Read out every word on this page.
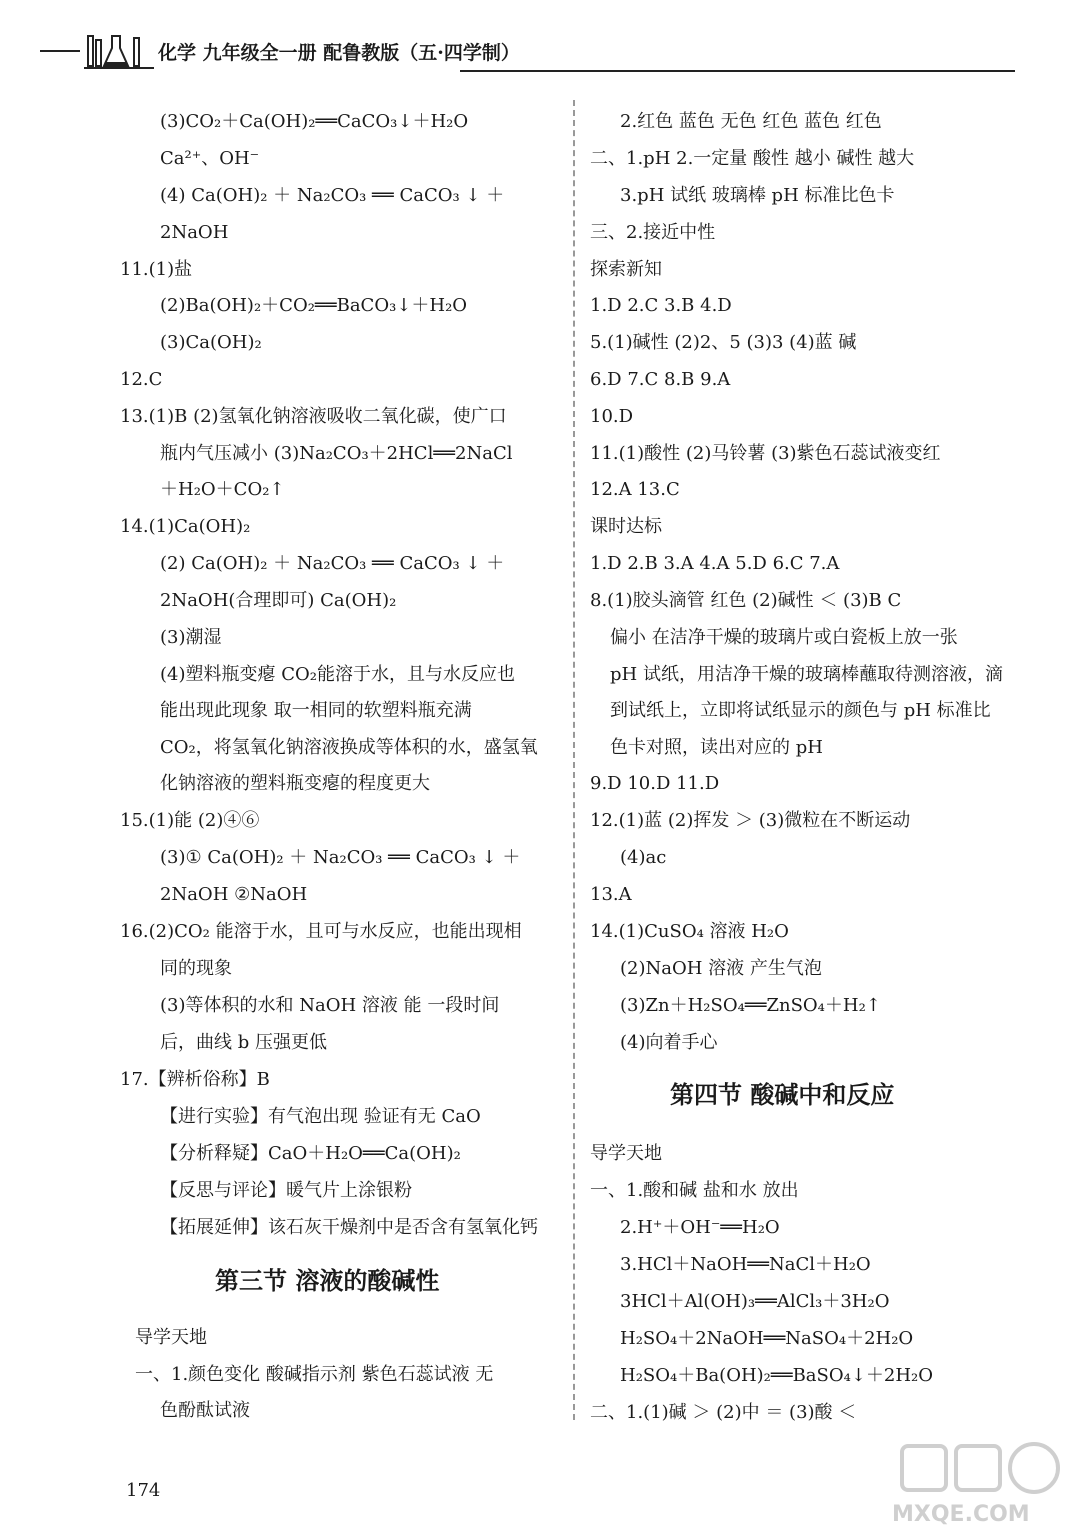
化学 九年级全一册 配鲁教版（五·四学制）
(3)CO₂＋Ca(OH)₂══CaCO₃↓＋H₂O
Ca²⁺、OH⁻
(4) Ca(OH)₂ ＋ Na₂CO₃ ══ CaCO₃ ↓ ＋
2NaOH
11.(1)盐
(2)Ba(OH)₂＋CO₂══BaCO₃↓＋H₂O
(3)Ca(OH)₂
12.C
13.(1)B (2)氢氧化钠溶液吸收二氧化碳，使广口
瓶内气压减小 (3)Na₂CO₃＋2HCl══2NaCl
＋H₂O＋CO₂↑
14.(1)Ca(OH)₂
(2) Ca(OH)₂ ＋ Na₂CO₃ ══ CaCO₃ ↓ ＋
2NaOH(合理即可) Ca(OH)₂
(3)潮湿
(4)塑料瓶变瘪 CO₂能溶于水，且与水反应也
能出现此现象 取一相同的软塑料瓶充满
CO₂，将氢氧化钠溶液换成等体积的水，盛氢氧
化钠溶液的塑料瓶变瘪的程度更大
15.(1)能 (2)④⑥
(3)① Ca(OH)₂ ＋ Na₂CO₃ ══ CaCO₃ ↓ ＋
2NaOH ②NaOH
16.(2)CO₂ 能溶于水，且可与水反应，也能出现相
同的现象
(3)等体积的水和 NaOH 溶液 能 一段时间
后，曲线 b 压强更低
17.【辨析俗称】B
【进行实验】有气泡出现 验证有无 CaO
【分析释疑】CaO＋H₂O══Ca(OH)₂
【反思与评论】暖气片上涂银粉
【拓展延伸】该石灰干燥剂中是否含有氢氧化钙
第三节 溶液的酸碱性
导学天地
一、1.颜色变化 酸碱指示剂 紫色石蕊试液 无
色酚酞试液
2.红色 蓝色 无色 红色 蓝色 红色
二、1.pH 2.一定量 酸性 越小 碱性 越大
3.pH 试纸 玻璃棒 pH 标准比色卡
三、2.接近中性
探索新知
1.D 2.C 3.B 4.D
5.(1)碱性 (2)2、5 (3)3 (4)蓝 碱
6.D 7.C 8.B 9.A
10.D
11.(1)酸性 (2)马铃薯 (3)紫色石蕊试液变红
12.A 13.C
课时达标
1.D 2.B 3.A 4.A 5.D 6.C 7.A
8.(1)胶头滴管 红色 (2)碱性 ＜ (3)B C
偏小 在洁净干燥的玻璃片或白瓷板上放一张
pH 试纸，用洁净干燥的玻璃棒蘸取待测溶液，滴
到试纸上，立即将试纸显示的颜色与 pH 标准比
色卡对照，读出对应的 pH
9.D 10.D 11.D
12.(1)蓝 (2)挥发 ＞ (3)微粒在不断运动
(4)ac
13.A
14.(1)CuSO₄ 溶液 H₂O
(2)NaOH 溶液 产生气泡
(3)Zn＋H₂SO₄══ZnSO₄＋H₂↑
(4)向着手心
第四节 酸碱中和反应
导学天地
一、1.酸和碱 盐和水 放出
2.H⁺＋OH⁻══H₂O
3.HCl＋NaOH══NaCl＋H₂O
3HCl＋Al(OH)₃══AlCl₃＋3H₂O
H₂SO₄＋2NaOH══NaSO₄＋2H₂O
H₂SO₄＋Ba(OH)₂══BaSO₄↓＋2H₂O
二、1.(1)碱 ＞ (2)中 ＝ (3)酸 ＜
174
MXQE.COM
